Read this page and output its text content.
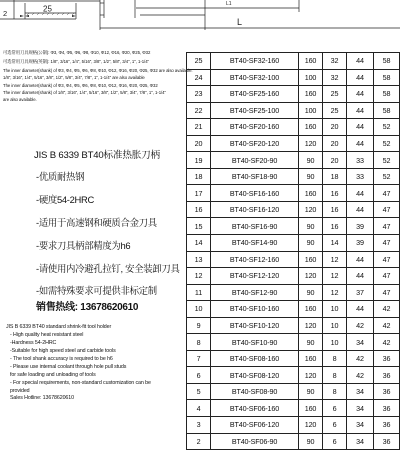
2	25
L1
L
可选常用刀具规格(公制): Φ3, Φ4, Φ5, Φ6, Φ8, Φ10, Φ12, Φ16, Φ20, Φ25, Φ32
可选常用刀具规格(英制): 1/8", 3/16", 1/4", 5/16", 3/8", 1/2", 5/8", 3/4", 1", 1-1/4"
The inner diameter(shank) of Φ3, Φ4, Φ5, Φ6, Φ8, Φ10, Φ12, Φ16, Φ20, Φ25, Φ32 are also available.
1/8", 3/16", 1/4", 5/16", 3/8", 1/2", 5/8", 3/4", 7/8", 1", 1-1/4" are also available
The inner diameter(shank) of Φ3, Φ4, Φ5, Φ6, Φ8, Φ10, Φ12, Φ16, Φ20, Φ25, Φ32
The inner diameter(shank) of 1/8", 3/16", 1/4", 5/16", 3/8", 1/2", 5/8", 3/4", 7/8", 1", 1-1/4"
are also available.
JIS B 6339 BT40标准热胀刀柄
-优质耐热钢
-硬度54-2HRC
-适用于高速钢和硬质合金刀具
-要求刀具柄部精度为h6
-请使用内冷避孔拉钉, 安全装卸刀具
-如需特殊要求可提供非标定制
销售热线: 13678620610
JIS B 6339 BT40 standard shrink-fit tool holder
- High quality heat resistant steel
-Hardness 54-2HRC
-Suitable for high speed steel and carbide tools
- The tool shank accuracy is required to be h6
- Please use internal coolant through hole pull studs
for safe loading and unloading of tools
- For special requirements, non-standard customization can be
provided
Sales Hotline: 13678620610
25	BT40-SF32-160	160	32	44	58
24	BT40-SF32-100	100	32	44	58
23	BT40-SF25-160	160	25	44	58
22	BT40-SF25-100	100	25	44	58
21	BT40-SF20-160	160	20	44	52
20	BT40-SF20-120	120	20	44	52
19	BT40-SF20-90	90	20	33	52
18	BT40-SF18-90	90	18	33	52
17	BT40-SF16-160	160	16	44	47
16	BT40-SF16-120	120	16	44	47
15	BT40-SF16-90	90	16	39	47
14	BT40-SF14-90	90	14	39	47
13	BT40-SF12-160	160	12	44	47
12	BT40-SF12-120	120	12	44	47
11	BT40-SF12-90	90	12	37	47
10	BT40-SF10-160	160	10	44	42
9	BT40-SF10-120	120	10	42	42
8	BT40-SF10-90	90	10	34	42
7	BT40-SF08-160	160	8	42	36
6	BT40-SF08-120	120	8	42	36
5	BT40-SF08-90	90	8	34	36
4	BT40-SF06-160	160	6	34	36
3	BT40-SF06-120	120	6	34	36
2	BT40-SF06-90	90	6	34	36
